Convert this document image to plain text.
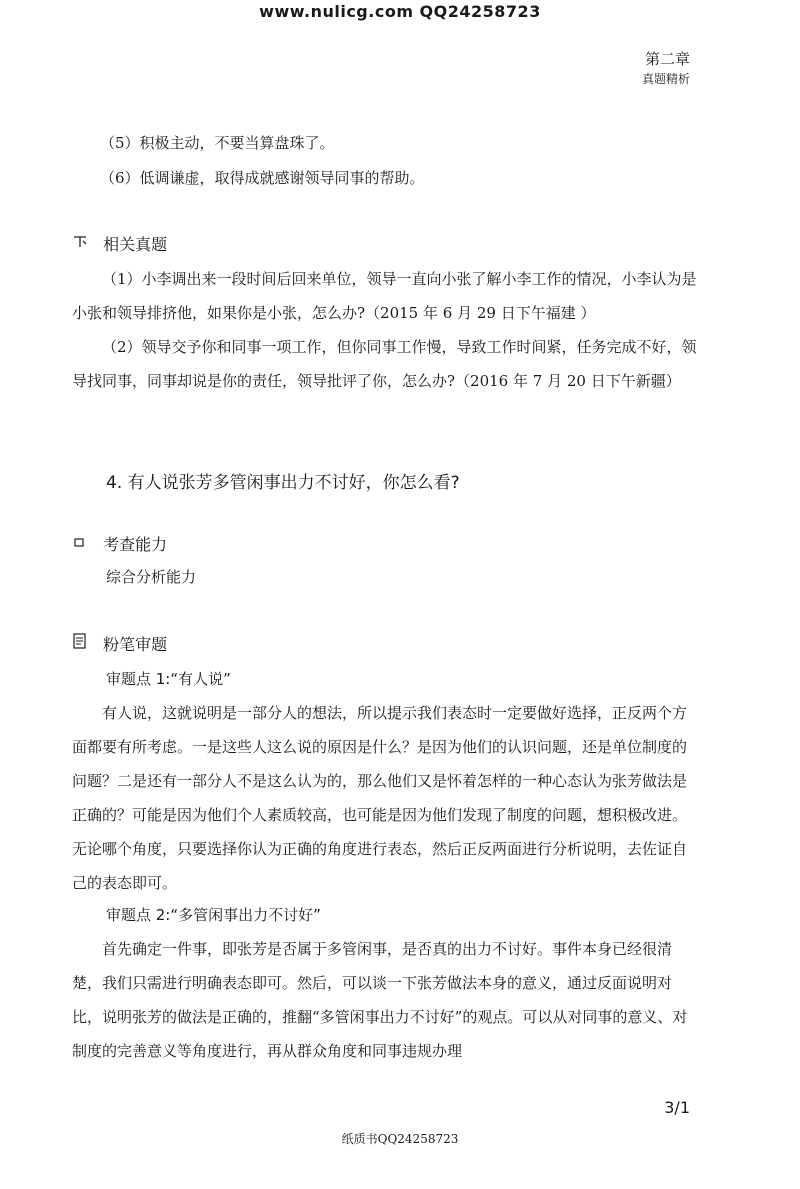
www.nulicg.com QQ24258723
第二章
真题精析
（5）积极主动，不要当算盘珠了。
（6）低调谦虚，取得成就感谢领导同事的帮助。
相关真题

（1）小李调出来一段时间后回来单位，领导一直向小张了解小李工作的情况，小李认为是小张和领导排挤他，如果你是小张，怎么办?（2015 年 6 月 29 日下午福建 ）

（2）领导交予你和同事一项工作，但你同事工作慢，导致工作时间紧，任务完成不好，领导找同事，同事却说是你的责任，领导批评了你，怎么办?（2016 年 7 月 20 日下午新疆）

4. 有人说张芳多管闲事出力不讨好，你怎么看?
考查能力
综合分析能力
粉笔审题
审题点 1:“有人说”

有人说，这就说明是一部分人的想法，所以提示我们表态时一定要做好选择，正反两个方面都要有所考虑。一是这些人这么说的原因是什么？是因为他们的认识问题，还是单位制度的问题？二是还有一部分人不是这么认为的，那么他们又是怀着怎样的一种心态认为张芳做法是正确的？可能是因为他们个人素质较高，也可能是因为他们发现了制度的问题，想积极改进。无论哪个角度，只要选择你认为正确的角度进行表态，然后正反两面进行分析说明，去佐证自己的表态即可。

审题点 2:“多管闲事出力不讨好”

首先确定一件事，即张芳是否属于多管闲事，是否真的出力不讨好。事件本身已经很清楚，我们只需进行明确表态即可。然后，可以谈一下张芳做法本身的意义，通过反面说明对比，说明张芳的做法是正确的，推翻“多管闲事出力不讨好”的观点。可以从对同事的意义、对制度的完善意义等角度进行，再从群众角度和同事违规办理

3/1
纸质书QQ24258723
